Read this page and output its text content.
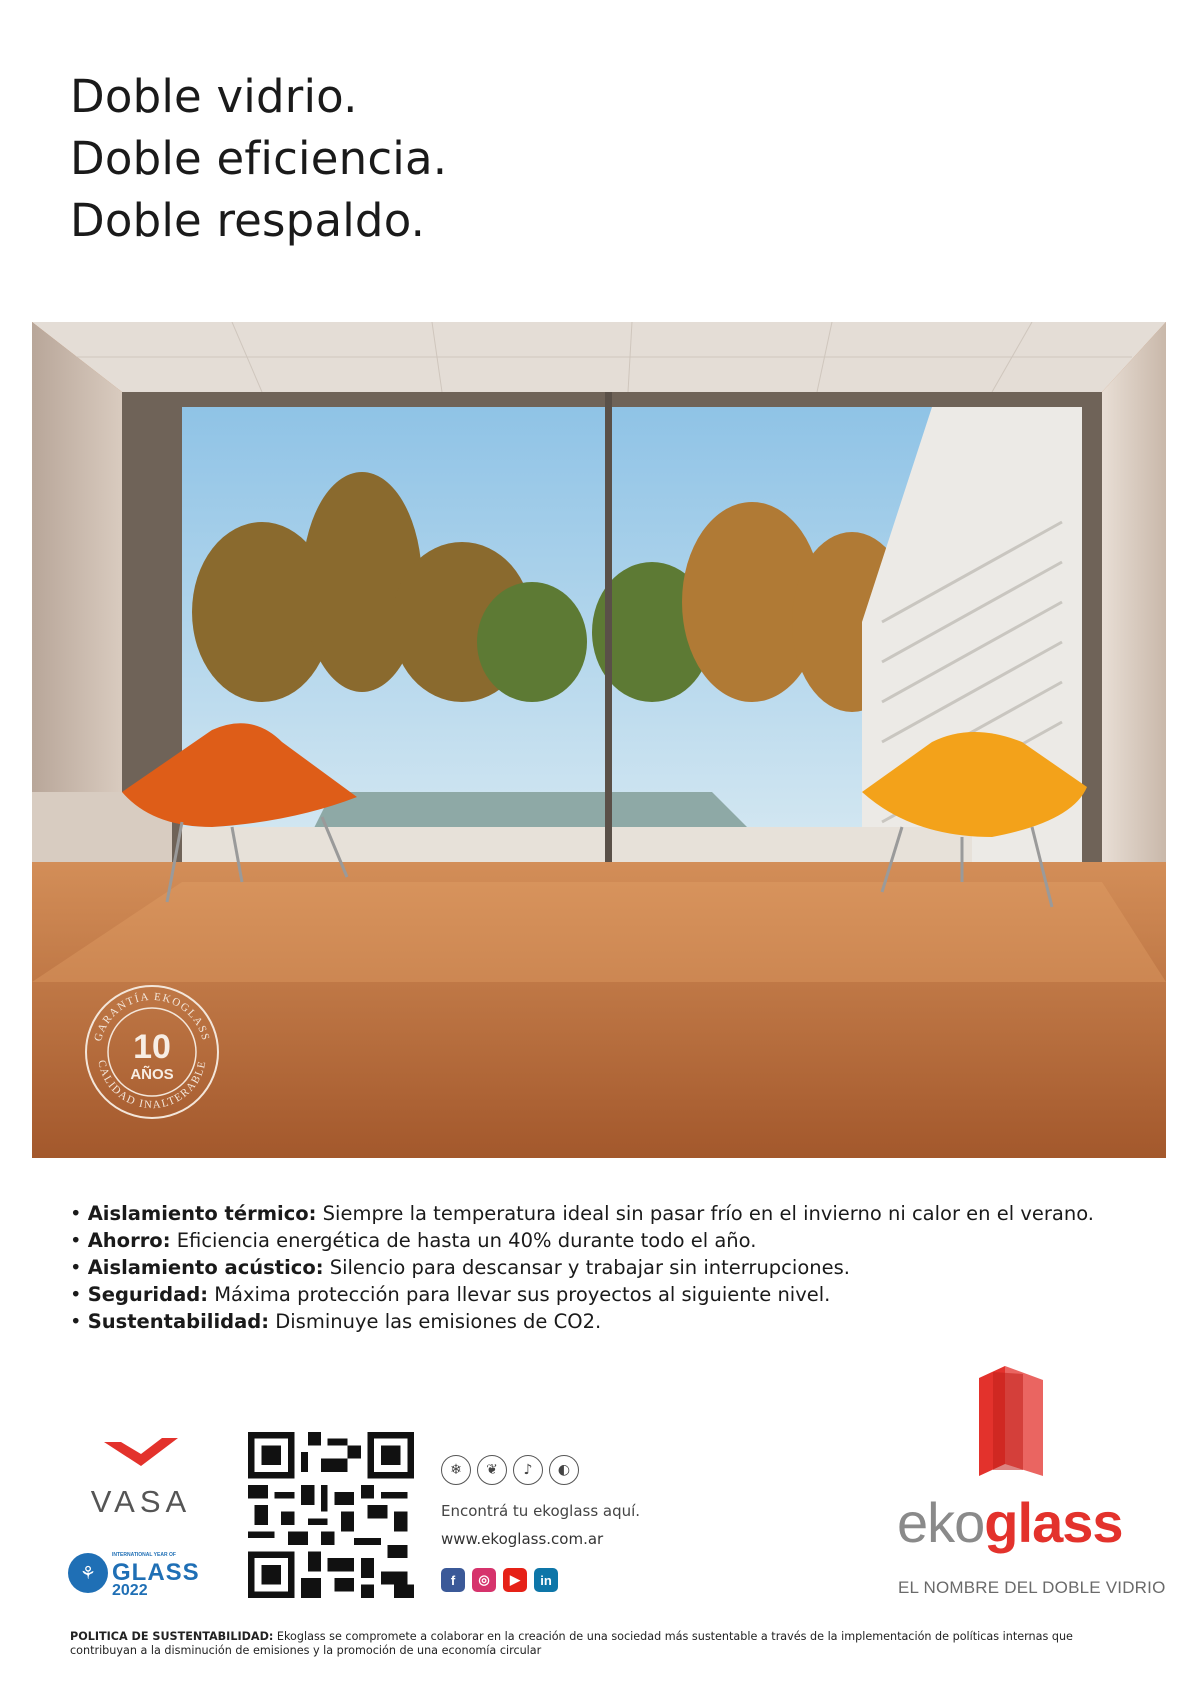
Doble vidrio.
Doble eficiencia.
Doble respaldo.
GARANTÍA EKOGLASS
CALIDAD INALTERABLE
10
AÑOS
• Aislamiento térmico: Siempre la temperatura ideal sin pasar frío en el invierno ni calor en el verano.
• Ahorro: Eficiencia energética de hasta un 40% durante todo el año.
• Aislamiento acústico: Silencio para descansar y trabajar sin interrupciones.
• Seguridad: Máxima protección para llevar sus proyectos al siguiente nivel.
• Sustentabilidad: Disminuye las emisiones de CO2.
VASA
⚘
INTERNATIONAL YEAR OF
GLASS
2022
❄	❦	♪	◐
Encontrá tu ekoglass aquí.
www.ekoglass.com.ar
f	◎	▶	in
ekoglass
EL NOMBRE DEL DOBLE VIDRIO
POLITICA DE SUSTENTABILIDAD: Ekoglass se compromete a colaborar en la creación de una sociedad más sustentable a través de la implementación de políticas internas que contribuyan a la disminución de emisiones y la promoción de una economía circular
